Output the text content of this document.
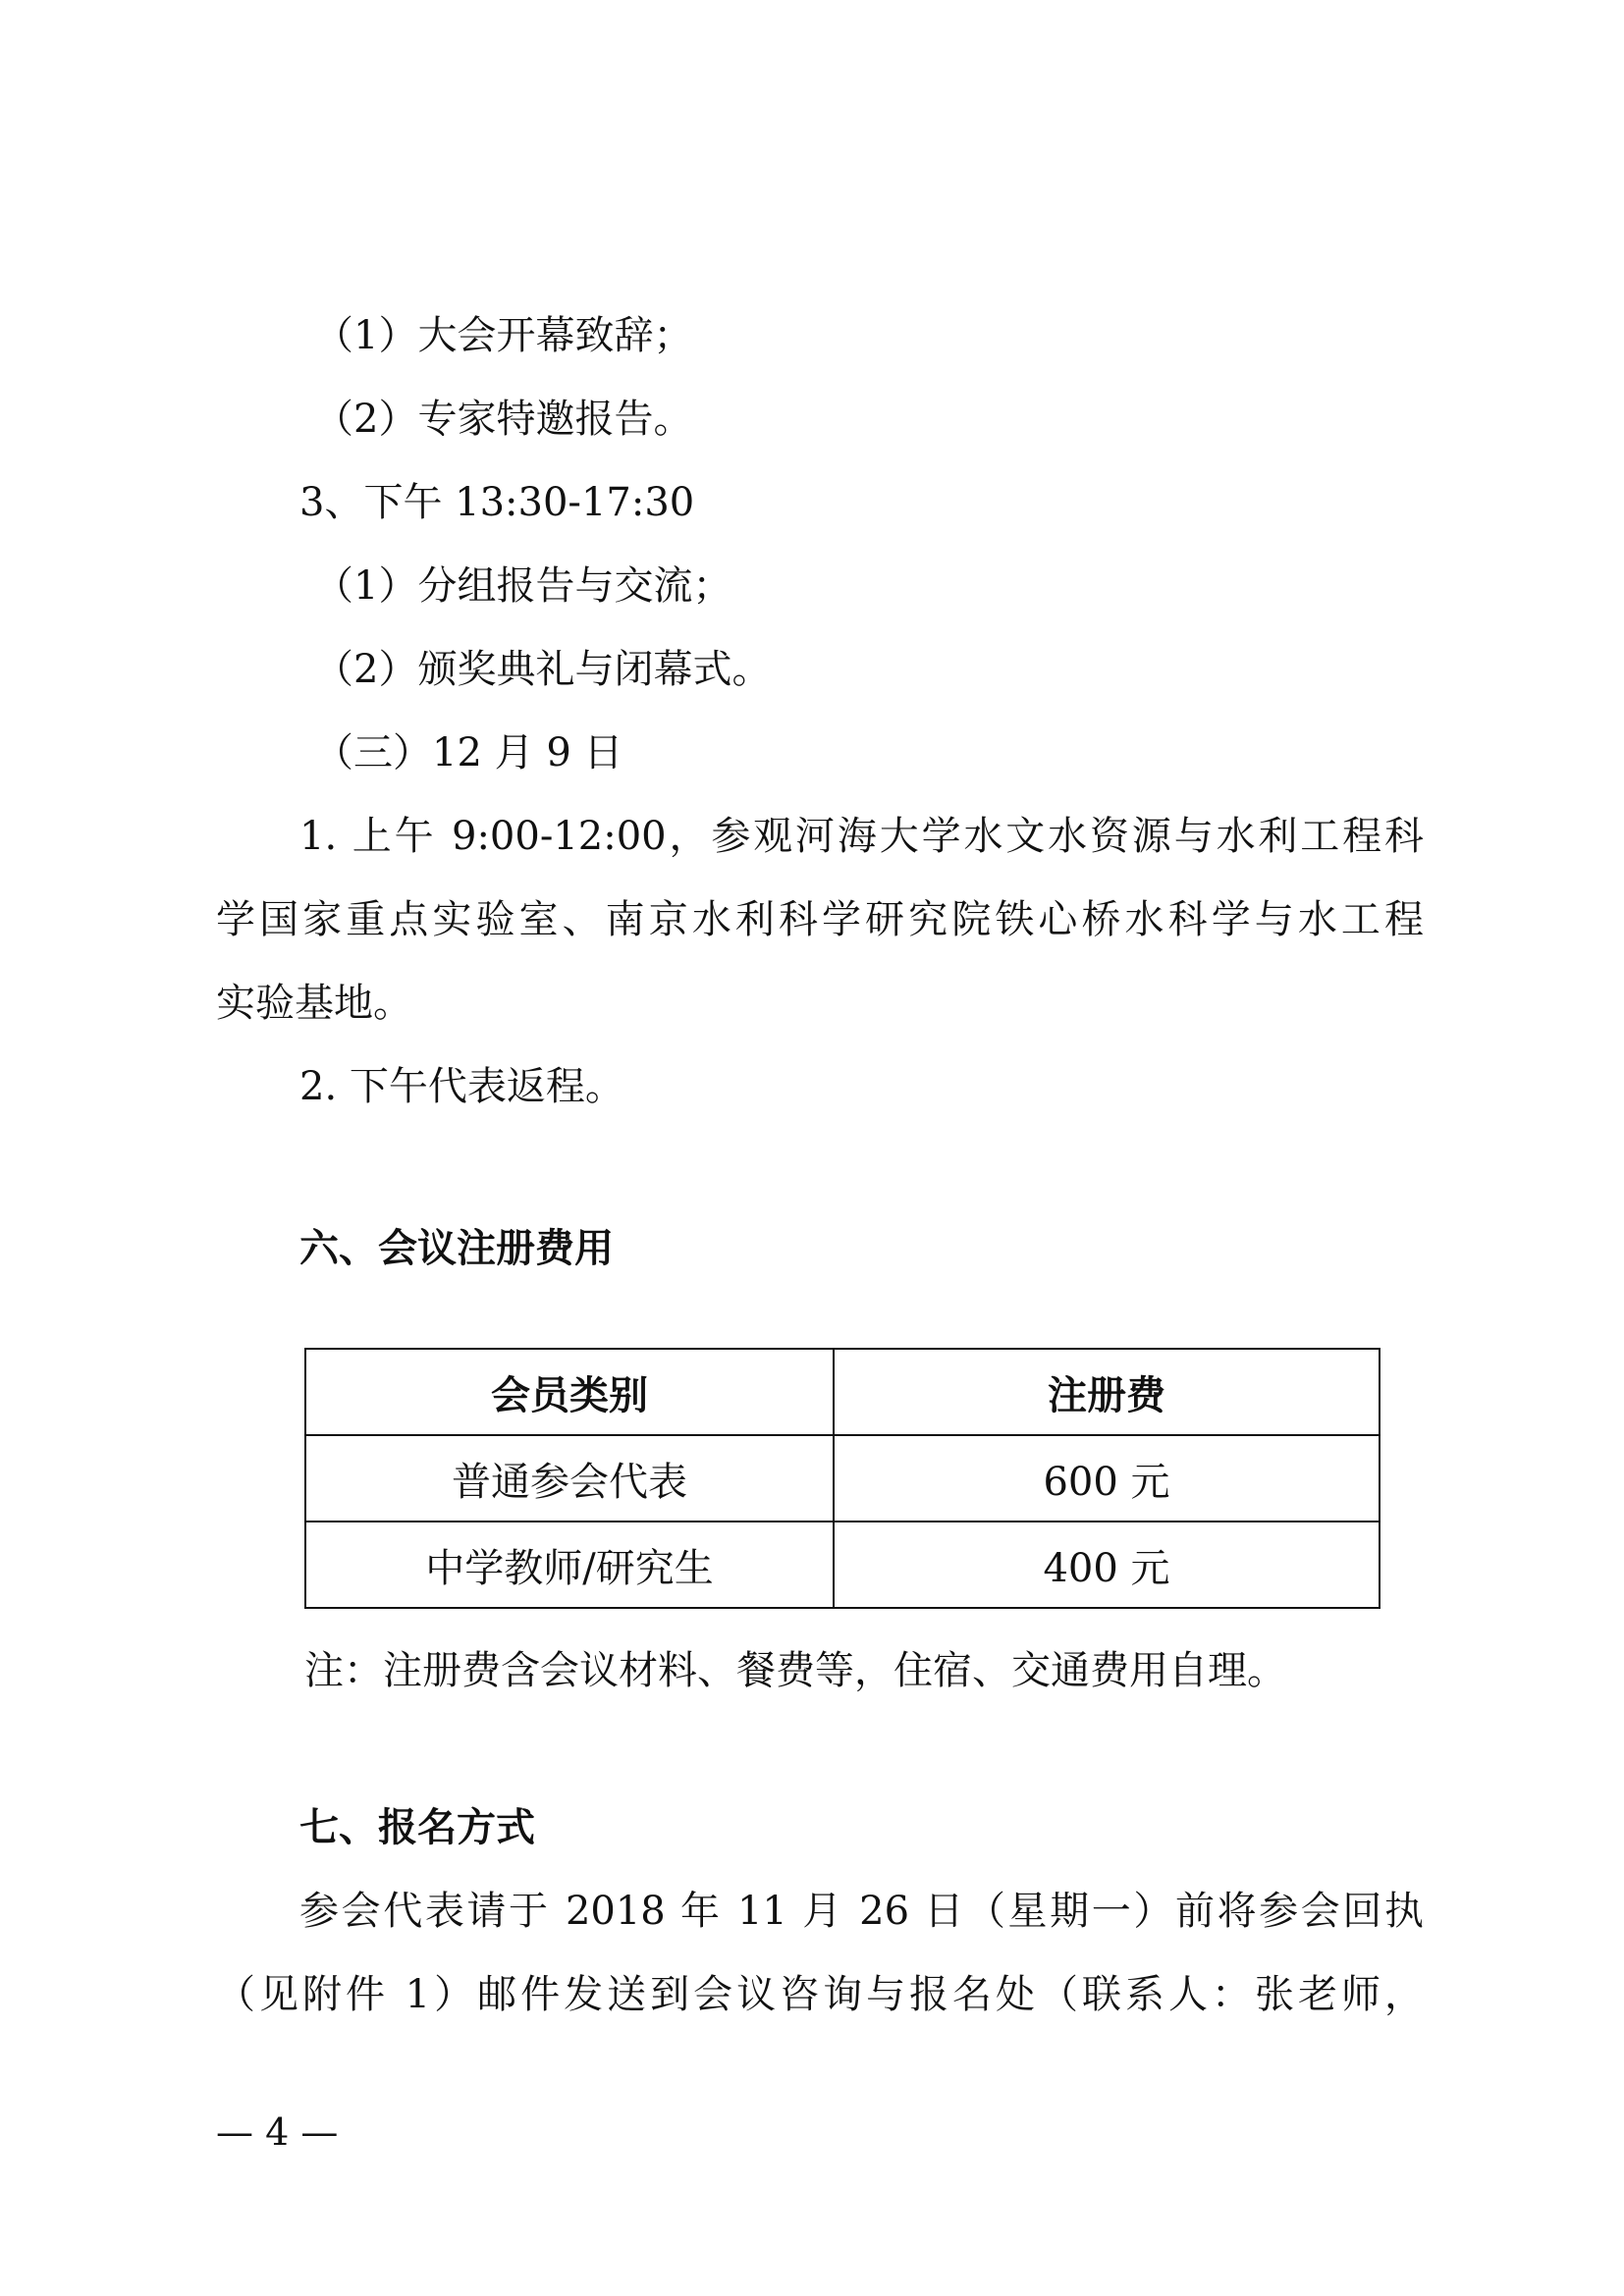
（1）大会开幕致辞；
（2）专家特邀报告。
3、下午 13:30-17:30
（1）分组报告与交流；
（2）颁奖典礼与闭幕式。
（三）12 月 9 日
1. 上午 9:00-12:00，参观河海大学水文水资源与水利工程科
学国家重点实验室、南京水利科学研究院铁心桥水科学与水工程
实验基地。
2. 下午代表返程。
六、会议注册费用
会员类别	注册费
普通参会代表	600 元
中学教师/研究生	400 元
注：注册费含会议材料、餐费等，住宿、交通费用自理。
七、报名方式
参会代表请于 2018 年 11 月 26 日（星期一）前将参会回执
（见附件 1）邮件发送到会议咨询与报名处（联系人：张老师，
— 4 —
